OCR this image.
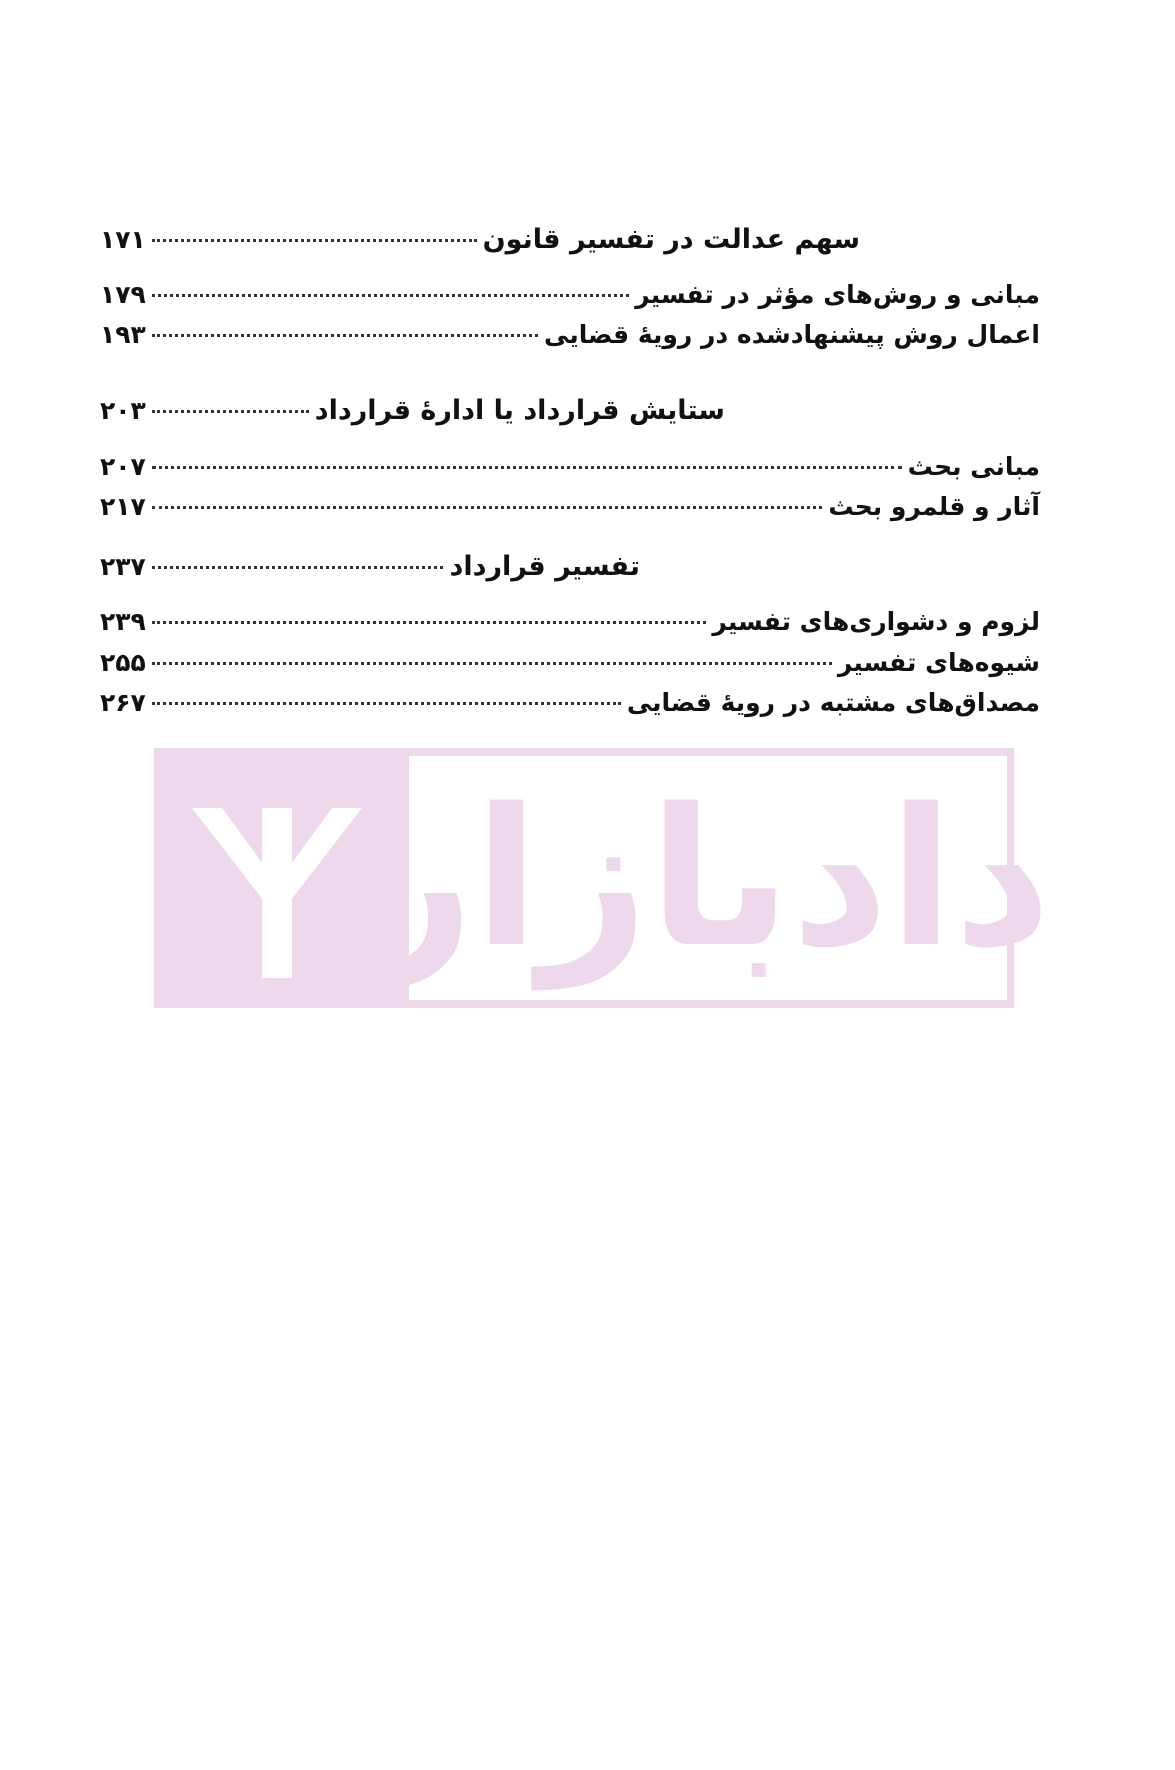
سهم عدالت در تفسیر قانون
۱۷۱
مبانی و روش‌های مؤثر در تفسیر
۱۷۹
اعمال روش پیشنهادشده در رویهٔ قضایی
۱۹۳
ستایش قرارداد یا ادارهٔ قرارداد
۲۰۳
مبانی بحث
۲۰۷
آثار و قلمرو بحث
۲۱۷
تفسیر قرارداد
۲۳۷
لزوم و دشواری‌های تفسیر
۲۳۹
شیوه‌های تفسیر
۲۵۵
مصداق‌های مشتبه در رویهٔ قضایی
۲۶۷
دادبازار
